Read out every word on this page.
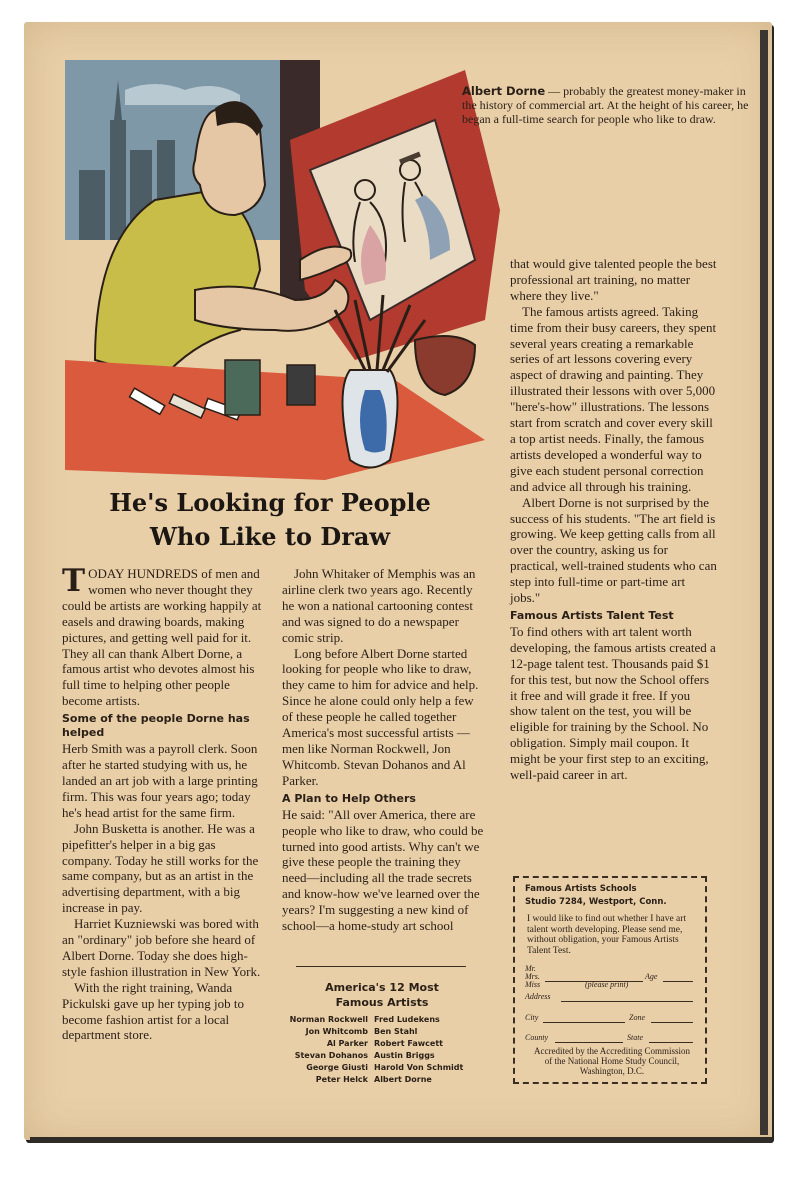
Albert Dorne — probably the greatest money-maker in the history of commercial art. At the height of his career, he began a full-time search for people who like to draw.
He's Looking for People
Who Like to Draw

TODAY HUNDREDS of men and women who never thought they could be artists are working happily at easels and drawing boards, making pictures, and getting well paid for it. They all can thank Albert Dorne, a famous artist who devotes almost his full time to helping other people become artists.

Some of the people Dorne has helped

Herb Smith was a payroll clerk. Soon after he started studying with us, he landed an art job with a large printing firm. This was four years ago; today he's head artist for the same firm.

John Busketta is another. He was a pipefitter's helper in a big gas company. Today he still works for the same company, but as an artist in the advertising department, with a big increase in pay.

Harriet Kuzniewski was bored with an "ordinary" job before she heard of Albert Dorne. Today she does high-style fashion illustration in New York.

With the right training, Wanda Pickulski gave up her typing job to become fashion artist for a local department store.

John Whitaker of Memphis was an airline clerk two years ago. Recently he won a national cartooning contest and was signed to do a newspaper comic strip.

Long before Albert Dorne started looking for people who like to draw, they came to him for advice and help. Since he alone could only help a few of these people he called together America's most successful artists —men like Norman Rockwell, Jon Whitcomb. Stevan Dohanos and Al Parker.

A Plan to Help Others

He said: "All over America, there are people who like to draw, who could be turned into good artists. Why can't we give these people the training they need—including all the trade secrets and know-how we've learned over the years? I'm suggesting a new kind of school—a home-study art school

America's 12 Most
Famous Artists
Norman Rockwell Fred Ludekens
Jon Whitcomb Ben Stahl
Al Parker Robert Fawcett
Stevan Dohanos Austin Briggs
George Giusti Harold Von Schmidt
Peter Helck Albert Dorne

that would give talented people the best professional art training, no matter where they live."

The famous artists agreed. Taking time from their busy careers, they spent several years creating a remarkable series of art lessons covering every aspect of drawing and painting. They illustrated their lessons with over 5,000 "here's-how" illustrations. The lessons start from scratch and cover every skill a top artist needs. Finally, the famous artists developed a wonderful way to give each student personal correction and advice all through his training.

Albert Dorne is not surprised by the success of his students. "The art field is growing. We keep getting calls from all over the country, asking us for practical, well-trained students who can step into full-time or part-time art jobs."

Famous Artists Talent Test

To find others with art talent worth developing, the famous artists created a 12-page talent test. Thousands paid $1 for this test, but now the School offers it free and will grade it free. If you show talent on the test, you will be eligible for training by the School. No obligation. Simply mail coupon. It might be your first step to an exciting, well-paid career in art.

Famous Artists Schools
Studio 7284, Westport, Conn.
I would like to find out whether I have art talent worth developing. Please send me, without obligation, your Famous Artists Talent Test.
Mr.
Mrs.
Miss	(please print)
Age
Address
City	Zone
County	State
Accredited by the Accrediting Commission of the National Home Study Council, Washington, D.C.
